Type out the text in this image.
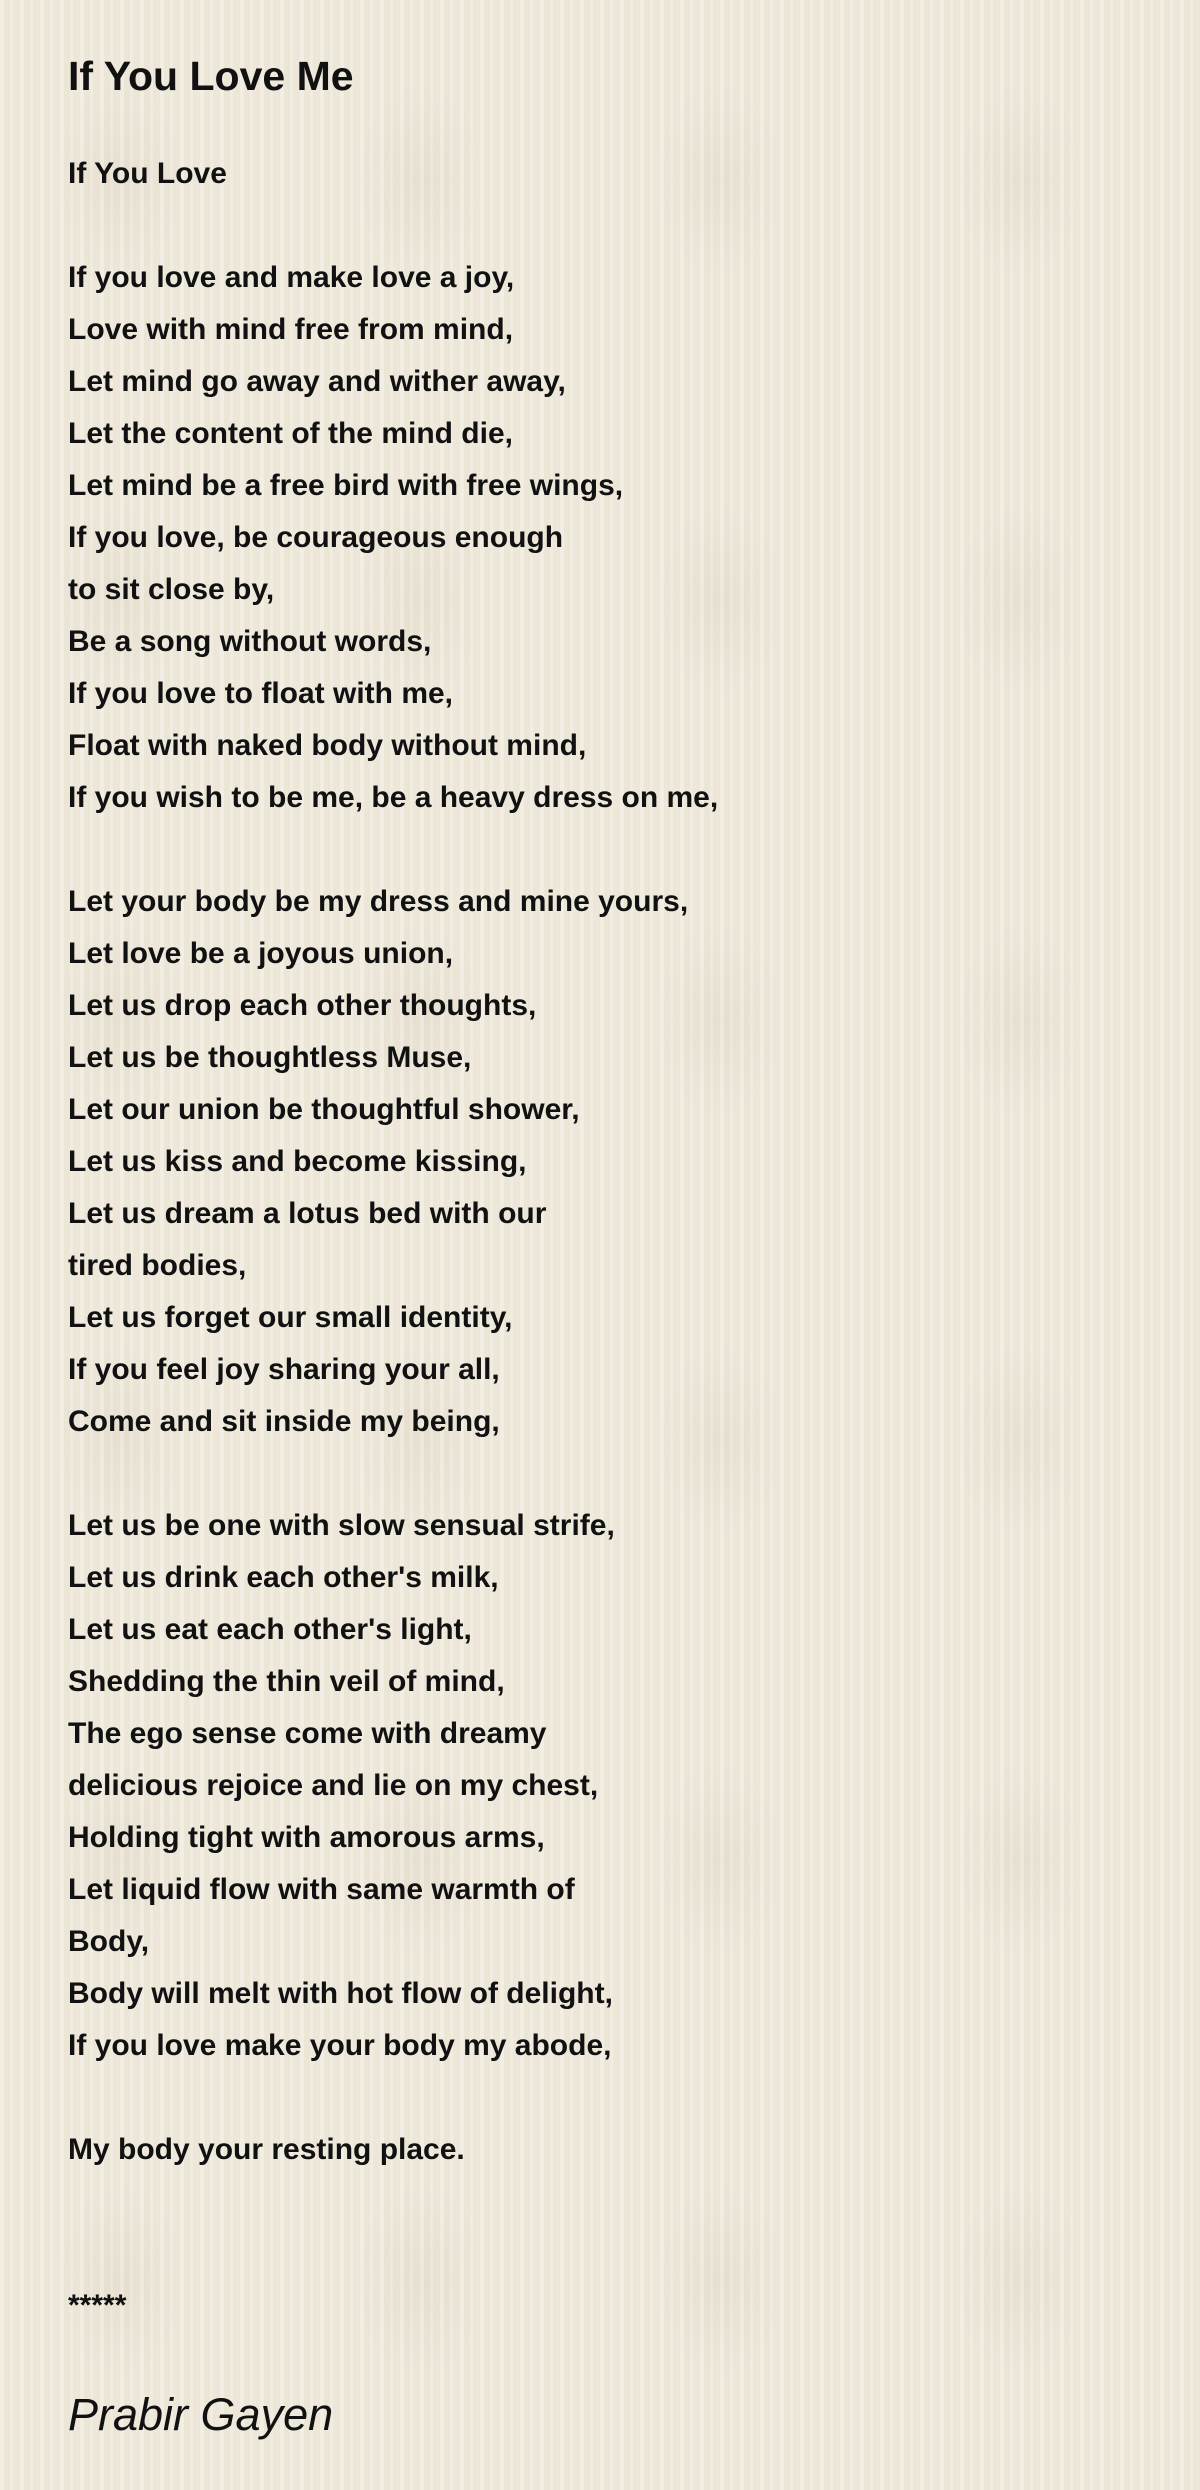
If You Love Me
If You Love
If you love and make love a joy,
Love with mind free from mind,
Let mind go away and wither away,
Let the content of the mind die,
Let mind be a free bird with free wings,
If you love, be courageous enough
to sit close by,
Be a song without words,
If you love to float with me,
Float with naked body without mind,
If you wish to be me, be a heavy dress on me,
Let your body be my dress and mine yours,
Let love be a joyous union,
Let us drop each other thoughts,
Let us be thoughtless Muse,
Let our union be thoughtful shower,
Let us kiss and become kissing,
Let us dream a lotus bed with our
tired bodies,
Let us forget our small identity,
If you feel joy sharing your all,
Come and sit inside my being,
Let us be one with slow sensual strife,
Let us drink each other's milk,
Let us eat each other's light,
Shedding the thin veil of mind,
The ego sense come with dreamy
delicious rejoice and lie on my chest,
Holding tight with amorous arms,
Let liquid flow with same warmth of
Body,
Body will melt with hot flow of delight,
If you love make your body my abode,
My body your resting place.
*****

Prabir Gayen
